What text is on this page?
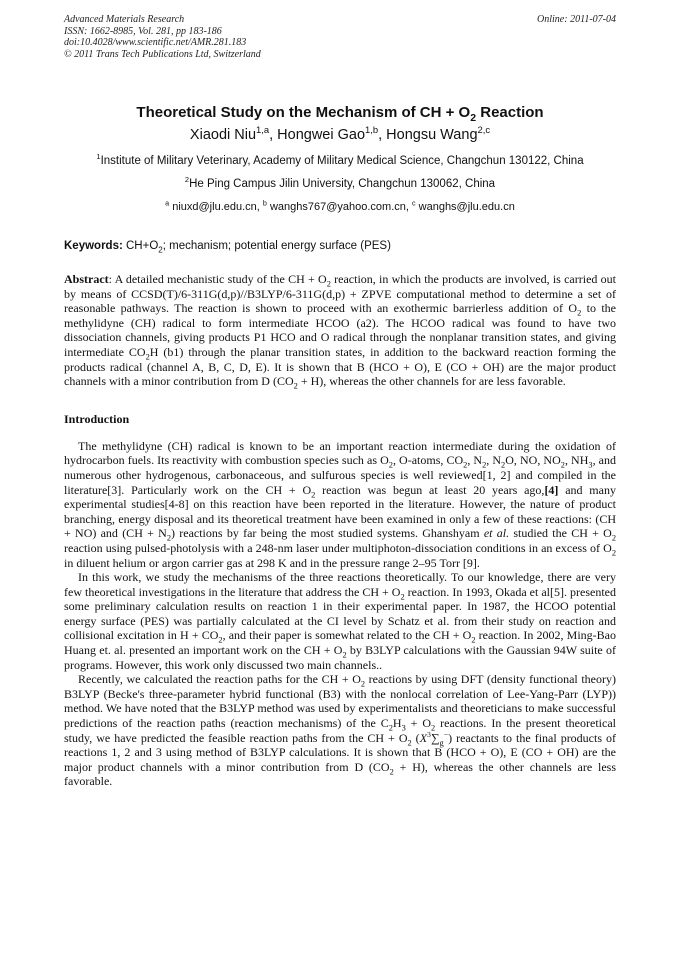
Advanced Materials Research
ISSN: 1662-8985, Vol. 281, pp 183-186
doi:10.4028/www.scientific.net/AMR.281.183
© 2011 Trans Tech Publications Ltd, Switzerland
Online: 2011-07-04
Theoretical Study on the Mechanism of CH + $O_2$ Reaction
Xiaodi Niu$^{1,a}$, Hongwei Gao$^{1,b}$, Hongsu Wang$^{2,c}$
$^1$Institute of Military Veterinary, Academy of Military Medical Science, Changchun 130122, China
$^2$He Ping Campus Jilin University, Changchun 130062, China
$^a$ niuxd@jlu.edu.cn, $^b$ wanghs767@yahoo.com.cn, $^c$ wanghs@jlu.edu.cn
Keywords: $CH+O_2$; mechanism; potential energy surface (PES)

Abstract: A detailed mechanistic study of the CH + $O_2$ reaction, in which the products are involved, is carried out by means of CCSD(T)/6-311G(d,p)//B3LYP/6-311G(d,p) + ZPVE computational method to determine a set of reasonable pathways. The reaction is shown to proceed with an exothermic barrierless addition of $O_2$ to the methylidyne (CH) radical to form intermediate HCOO (a2). The HCOO radical was found to have two dissociation channels, giving products P1 HCO and O radical through the nonplanar transition states, and giving intermediate $CO_2H$ (b1) through the planar transition states, in addition to the backward reaction forming the products radical (channel A, B, C, D, E). It is shown that B (HCO + O), E (CO + OH) are the major product channels with a minor contribution from D $(CO_2 + H)$, whereas the other channels for are less favorable.

Introduction

The methylidyne (CH) radical is known to be an important reaction intermediate during the oxidation of hydrocarbon fuels. Its reactivity with combustion species such as $O_2$, O-atoms, $CO_2$, $N_2$, $N_2O$, NO, $NO_2$, $NH_3$, and numerous other hydrogenous, carbonaceous, and sulfurous species is well reviewed[1, 2] and compiled in the literature[3]. Particularly work on the CH + $O_2$ reaction was begun at least 20 years ago,[4] and many experimental studies[4-8] on this reaction have been reported in the literature. However, the nature of product branching, energy disposal and its theoretical treatment have been examined in only a few of these reactions: (CH + NO) and $(CH + N_2)$ reactions by far being the most studied systems. Ghanshyam et al. studied the CH + $O_2$ reaction using pulsed-photolysis with a 248-nm laser under multiphoton-dissociation conditions in an excess of $O_2$ in diluent helium or argon carrier gas at 298 K and in the pressure range 2–95 Torr [9].

In this work, we study the mechanisms of the three reactions theoretically. To our knowledge, there are very few theoretical investigations in the literature that address the CH + $O_2$ reaction. In 1993, Okada et al[5]. presented some preliminary calculation results on reaction 1 in their experimental paper. In 1987, the HCOO potential energy surface (PES) was partially calculated at the CI level by Schatz et al. from their study on reaction and collisional excitation in $H + CO_2$, and their paper is somewhat related to the CH + $O_2$ reaction. In 2002, Ming-Bao Huang et. al. presented an important work on the CH + $O_2$ by B3LYP calculations with the Gaussian 94W suite of programs. However, this work only discussed two main channels..

Recently, we calculated the reaction paths for the CH + $O_2$ reactions by using DFT (density functional theory) B3LYP (Becke's three-parameter hybrid functional (B3) with the nonlocal correlation of Lee-Yang-Parr (LYP)) method. We have noted that the B3LYP method was used by experimentalists and theoreticians to make successful predictions of the reaction paths (reaction mechanisms) of the $C_2H_3 + O_2$ reactions. In the present theoretical study, we have predicted the feasible reaction paths from the CH + $O_2$ $(X^3\sum_g^-)$ reactants to the final products of reactions 1, 2 and 3 using method of B3LYP calculations. It is shown that B (HCO + O), E (CO + OH) are the major product channels with a minor contribution from D $(CO_2 + H)$, whereas the other channels are less favorable.
